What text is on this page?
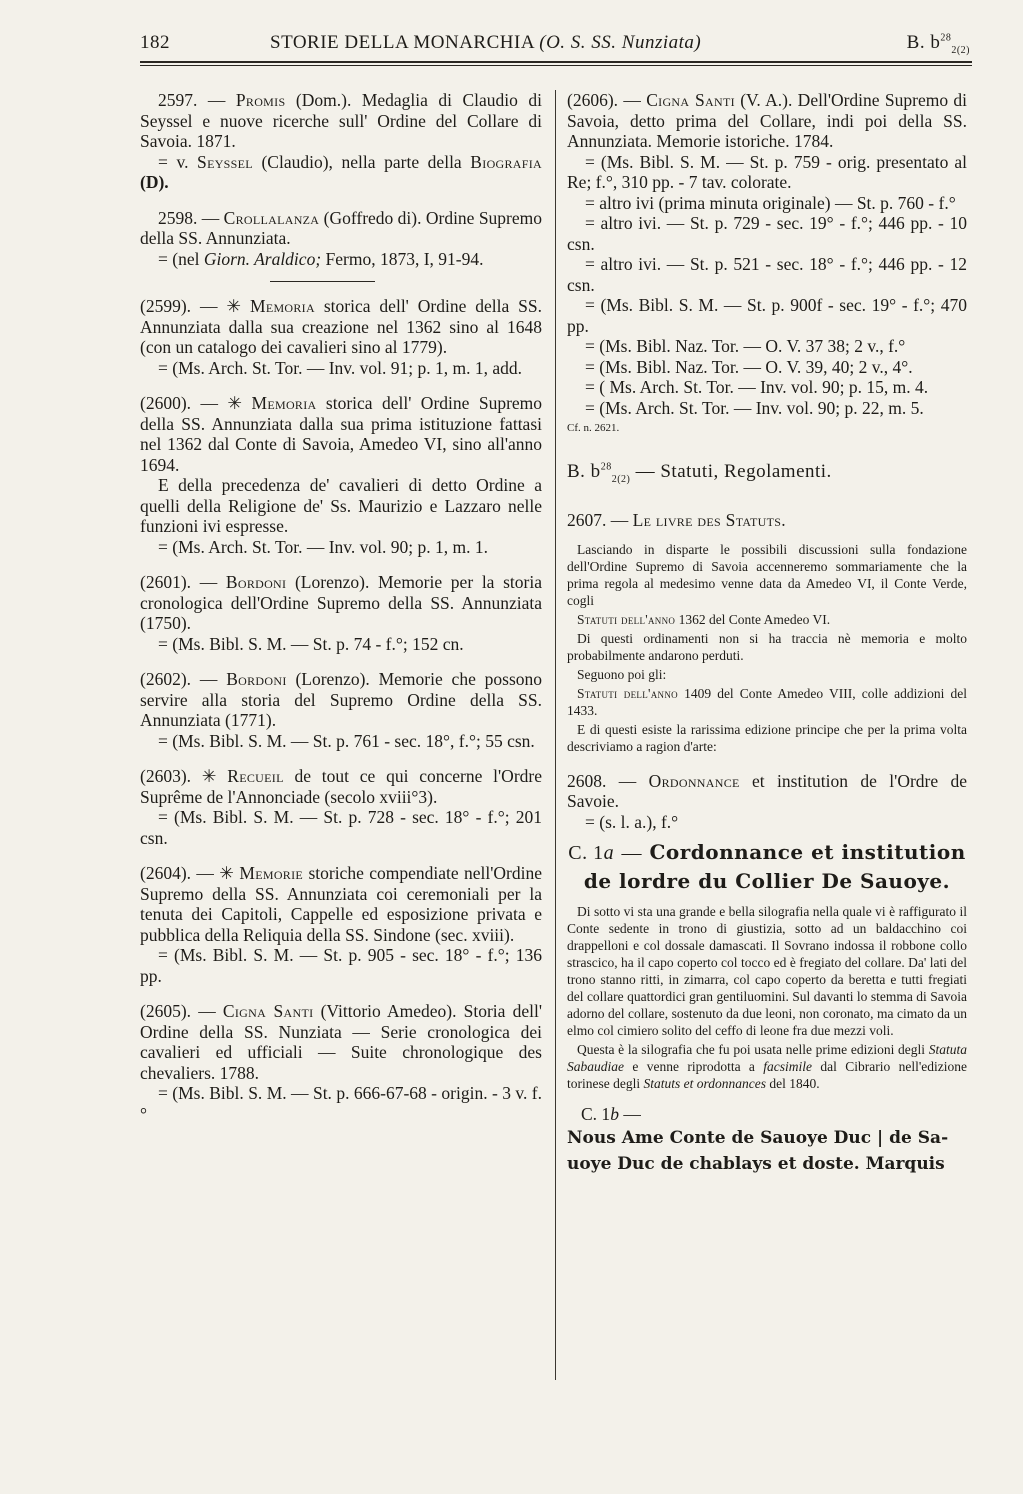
182	STORIE DELLA MONARCHIA (O. S. SS. Nunziata)	B. $b^{28}_{2(2)}$

2597. — Promis (Dom.). Medaglia di Claudio di Seyssel e nuove ricerche sull' Ordine del Collare di Savoia. 1871.

= v. Seyssel (Claudio), nella parte della Biografia (D).

2598. — Crollalanza (Goffredo di). Ordine Supremo della SS. Annunziata.

= (nel Giorn. Araldico; Fermo, 1873, I, 91-94.

(2599). — ✳ Memoria storica dell' Ordine della SS. Annunziata dalla sua creazione nel 1362 sino al 1648 (con un catalogo dei cavalieri sino al 1779).

= (Ms. Arch. St. Tor. — Inv. vol. 91; p. 1, m. 1, add.

(2600). — ✳ Memoria storica dell' Ordine Supremo della SS. Annunziata dalla sua prima istituzione fattasi nel 1362 dal Conte di Savoia, Amedeo VI, sino all'anno 1694.

E della precedenza de' cavalieri di detto Ordine a quelli della Religione de' Ss. Maurizio e Lazzaro nelle funzioni ivi espresse.

= (Ms. Arch. St. Tor. — Inv. vol. 90; p. 1, m. 1.

(2601). — Bordoni (Lorenzo). Memorie per la storia cronologica dell'Ordine Supremo della SS. Annunziata (1750).

= (Ms. Bibl. S. M. — St. p. 74 - f.°; 152 cn.

(2602). — Bordoni (Lorenzo). Memorie che possono servire alla storia del Supremo Ordine della SS. Annunziata (1771).

= (Ms. Bibl. S. M. — St. p. 761 - sec. 18°, f.°; 55 csn.

(2603). ✳ Recueil de tout ce qui concerne l'Ordre Suprême de l'Annonciade (secolo xviii°3).

= (Ms. Bibl. S. M. — St. p. 728 - sec. 18° - f.°; 201 csn.

(2604). — ✳ Memorie storiche compendiate nell'Ordine Supremo della SS. Annunziata coi ceremoniali per la tenuta dei Capitoli, Cappelle ed esposizione privata e pubblica della Reliquia della SS. Sindone (sec. xviii).

= (Ms. Bibl. S. M. — St. p. 905 - sec. 18° - f.°; 136 pp.

(2605). — Cigna Santi (Vittorio Amedeo). Storia dell' Ordine della SS. Nunziata — Serie cronologica dei cavalieri ed ufficiali — Suite chronologique des chevaliers. 1788.

= (Ms. Bibl. S. M. — St. p. 666-67-68 - origin. - 3 v. f.°

(2606). — Cigna Santi (V. A.). Dell'Ordine Supremo di Savoia, detto prima del Collare, indi poi della SS. Annunziata. Memorie istoriche. 1784.

= (Ms. Bibl. S. M. — St. p. 759 - orig. presentato al Re; f.°, 310 pp. - 7 tav. colorate.

= altro ivi (prima minuta originale) — St. p. 760 - f.°

= altro ivi. — St. p. 729 - sec. 19° - f.°; 446 pp. - 10 csn.

= altro ivi. — St. p. 521 - sec. 18° - f.°; 446 pp. - 12 csn.

= (Ms. Bibl. S. M. — St. p. 900f - sec. 19° - f.°; 470 pp.

= (Ms. Bibl. Naz. Tor. — O. V. 37 38; 2 v., f.°

= (Ms. Bibl. Naz. Tor. — O. V. 39, 40; 2 v., 4°.

= ( Ms. Arch. St. Tor. — Inv. vol. 90; p. 15, m. 4.

= (Ms. Arch. St. Tor. — Inv. vol. 90; p. 22, m. 5.

Cf. n. 2621.

B. $b^{28}_{2(2)}$ — Statuti, Regolamenti.

2607. — Le livre des Statuts.

Lasciando in disparte le possibili discussioni sulla fondazione dell'Ordine Supremo di Savoia accenneremo sommariamente che la prima regola al medesimo venne data da Amedeo VI, il Conte Verde, cogli

Statuti dell'anno 1362 del Conte Amedeo VI.

Di questi ordinamenti non si ha traccia nè memoria e molto probabilmente andarono perduti.

Seguono poi gli:

Statuti dell'anno 1409 del Conte Amedeo VIII, colle addizioni del 1433.

E di questi esiste la rarissima edizione principe che per la prima volta descriviamo a ragion d'arte:

2608. — Ordonnance et institution de l'Ordre de Savoie.

= (s. l. a.), f.°

C. 1a — Cordonnance et institution
de lordre du Collier De Sauoye.

Di sotto vi sta una grande e bella silografia nella quale vi è raffigurato il Conte sedente in trono di giustizia, sotto ad un baldacchino coi drappelloni e col dossale damascati. Il Sovrano indossa il robbone collo strascico, ha il capo coperto col tocco ed è fregiato del collare. Da' lati del trono stanno ritti, in zimarra, col capo coperto da beretta e tutti fregiati del collare quattordici gran gentiluomini. Sul davanti lo stemma di Savoia adorno del collare, sostenuto da due leoni, non coronato, ma cimato da un elmo col cimiero solito del ceffo di leone fra due mezzi voli.

Questa è la silografia che fu poi usata nelle prime edizioni degli Statuta Sabaudiae e venne riprodotta a facsimile dal Cibrario nell'edizione torinese degli Statuts et ordonnances del 1840.

C. 1b —

Nous Ame Conte de Sauoye Duc | de Sa-
uoye Duc de chablays et doste. Marquis
